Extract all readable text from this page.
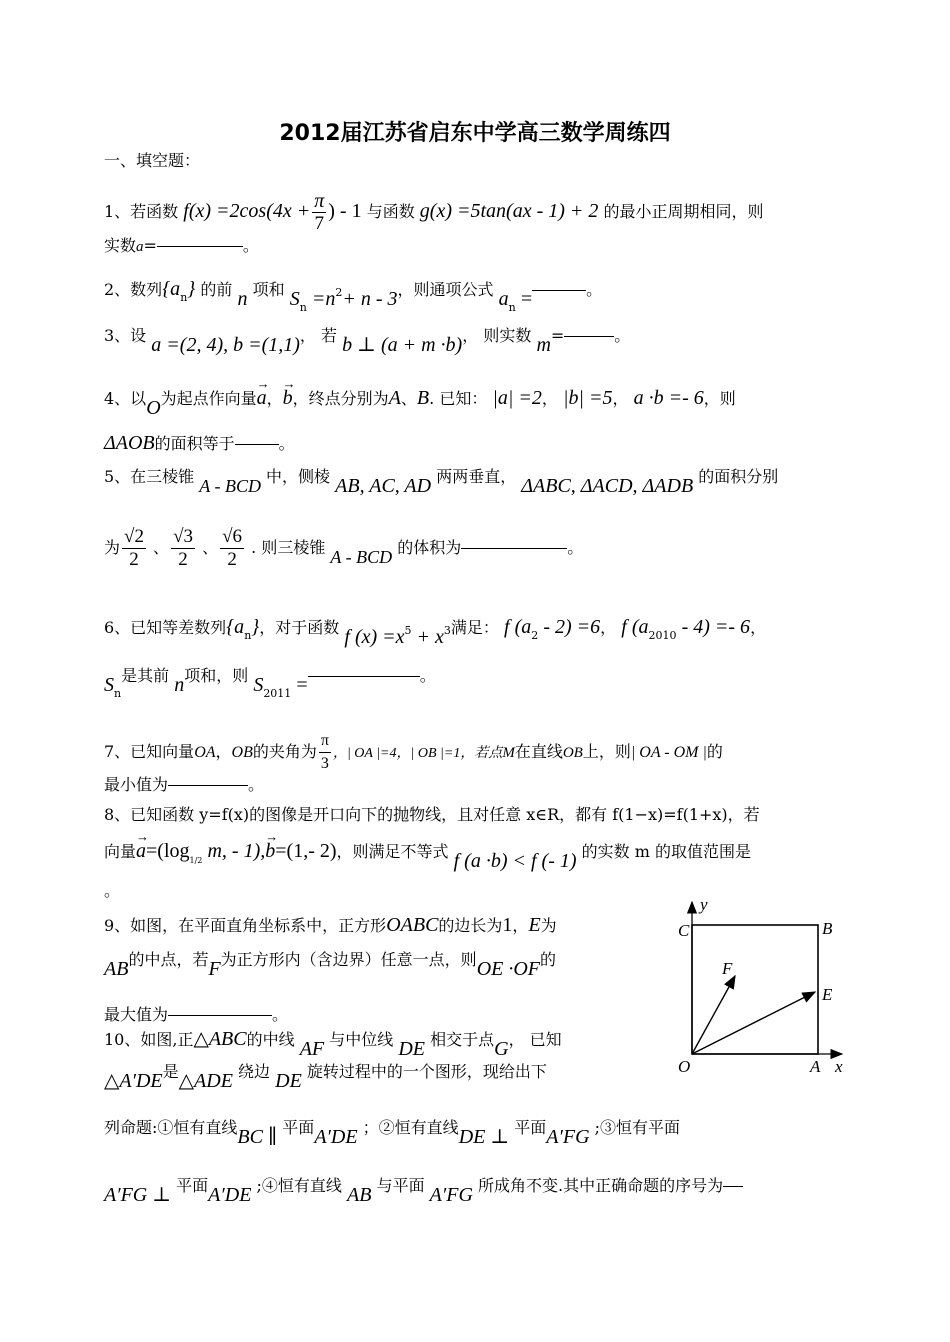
2012届江苏省启东中学高三数学周练四
一、填空题：
1、若函数 $f(x) =2\cos(4x + \frac{\pi}{7}$ ) - 1 与函数 g(x) =5tan(ax - 1) + 2 的最小正周期相同，则
实数a=	。
2、数列$\{a_n\}$ 的前 n 项和 $S_n =n^2+ n - 3$，则通项公式 $a_n$ =	。
3、设 a =(2, 4), b =(1,1)， 若 b ⊥ (a + m ·b)， 则实数 m=	。
4、以O为起点作向量→ a，→ b，终点分别为A、B. 已知： |a| =2， |b| =5， a ·b =- 6，则
ΔAOB的面积等于	。
5、在三棱锥 A - BCD 中，侧棱 AB, AC, AD 两两垂直， ΔABC, ΔACD, ΔADB 的面积分别
为 $\frac{√2}{2}$ 、 $\frac{√3}{2}$ 、 $\frac{√6}{2}$ . 则三棱锥 A - BCD 的体积为	。
6、已知等差数列$\{a_n\}$，对于函数 f $(x) =x^5 + x^3$满足： f $(a_2 - 2) =6$， f $(a_{2010} - 4) =- 6$，
$S_n$是其前 n项和，则 $S_{2011}$ =	。
7、已知向量OA，OB的夹角为 $\frac{\pi}{3}$ ，| OA |=4，| OB |=1，若点M在直线OB上，则| OA - OM |的
最小值为	。
8、已知函数 y=f(x)的图像是开口向下的抛物线，且对任意 x∈R，都有 f(1−x)=f(1+x)，若
向量→ $a=(\log_{1/2}$ m, - 1),→ b=(1,- 2)，则满足不等式 f (a ·b) < f (- 1) 的实数 m 的取值范围是
。
9、如图，在平面直角坐标系中，正方形OABC的边长为1，E为
AB的中点，若F为正方形内（含边界）任意一点，则OE ·OF的
最大值为	。
y
x
C	B
F
E
O	A
10、如图,正△ABC的中线 AF 与中位线 DE 相交于点G， 已知
△A′DE是△ADE 绕边 DE 旋转过程中的一个图形，现给出下
列命题:①恒有直线BC ∥ 平面A′DE ；②恒有直线DE ⊥ 平面A′FG ;③恒有平面
A′FG ⊥ 平面A′DE ;④恒有直线 AB 与平面 A′FG 所成角不变.其中正确命题的序号为
